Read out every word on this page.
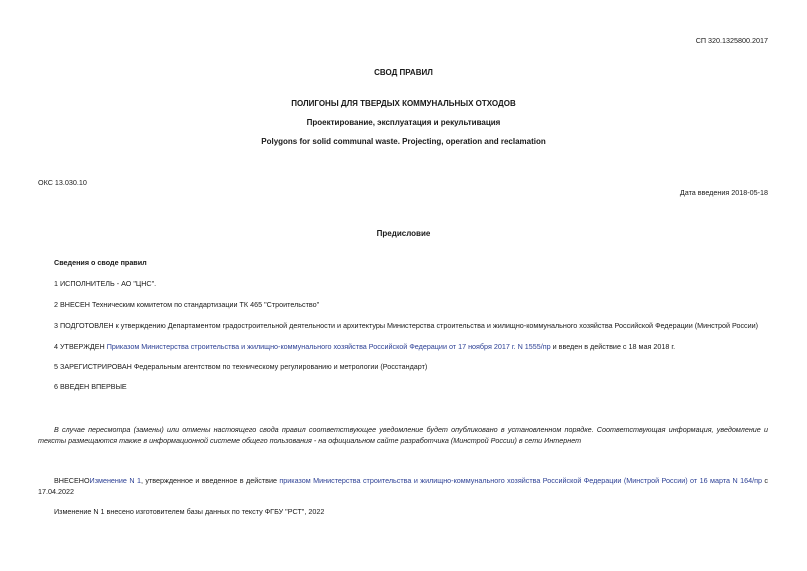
СП 320.1325800.2017
СВОД ПРАВИЛ
ПОЛИГОНЫ ДЛЯ ТВЕРДЫХ КОММУНАЛЬНЫХ ОТХОДОВ
Проектирование, эксплуатация и рекультивация
Polygons for solid communal waste. Projecting, operation and reclamation
ОКС 13.030.10
Дата введения 2018-05-18
Предисловие
Сведения о своде правил
1 ИСПОЛНИТЕЛЬ - АО "ЦНС".
2 ВНЕСЕН Техническим комитетом по стандартизации ТК 465 "Строительство"
3 ПОДГОТОВЛЕН к утверждению Департаментом градостроительной деятельности и архитектуры Министерства строительства и жилищно-коммунального хозяйства Российской Федерации (Минстрой России)
4 УТВЕРЖДЕН Приказом Министерства строительства и жилищно-коммунального хозяйства Российской Федерации от 17 ноября 2017 г. N 1555/пр и введен в действие с 18 мая 2018 г.
5 ЗАРЕГИСТРИРОВАН Федеральным агентством по техническому регулированию и метрологии (Росстандарт)
6 ВВЕДЕН ВПЕРВЫЕ
В случае пересмотра (замены) или отмены настоящего свода правил соответствующее уведомление будет опубликовано в установленном порядке. Соответствующая информация, уведомление и тексты размещаются также в информационной системе общего пользования - на официальном сайте разработчика (Минстрой России) в сети Интернет
ВНЕСЕНОИзменение N 1, утвержденное и введенное в действие приказом Министерства строительства и жилищно-коммунального хозяйства Российской Федерации (Минстрой России) от 16 марта N 164/пр с 17.04.2022
Изменение N 1 внесено изготовителем базы данных по тексту ФГБУ "РСТ", 2022
